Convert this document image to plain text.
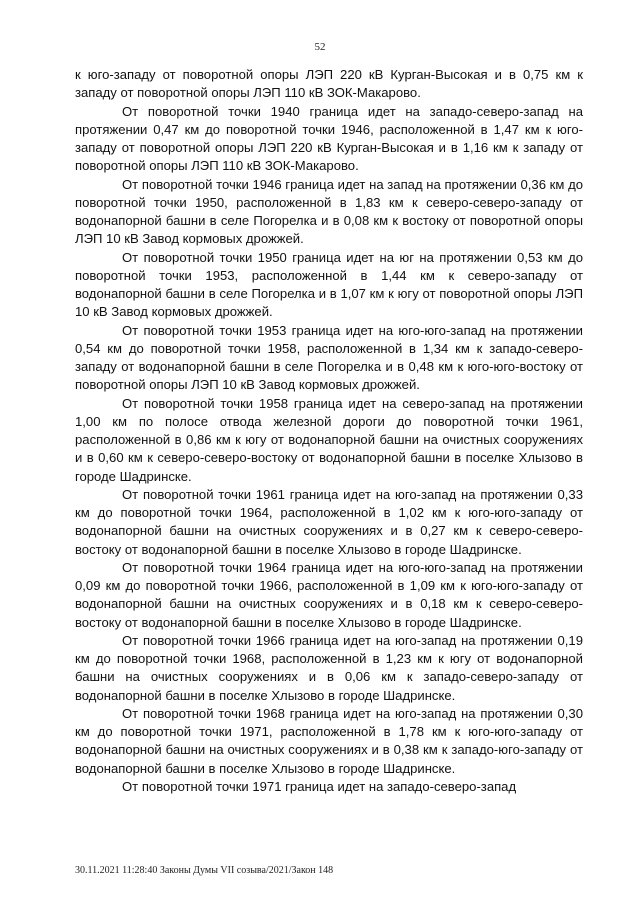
52

к юго-западу от поворотной опоры ЛЭП 220 кВ Курган-Высокая и в 0,75 км к западу от поворотной опоры ЛЭП 110 кВ ЗОК-Макарово.

От поворотной точки 1940 граница идет на западо-северо-запад на протяжении 0,47 км до поворотной точки 1946, расположенной в 1,47 км к юго-западу от поворотной опоры ЛЭП 220 кВ Курган-Высокая и в 1,16 км к западу от поворотной опоры ЛЭП 110 кВ ЗОК-Макарово.

От поворотной точки 1946 граница идет на запад на протяжении 0,36 км до поворотной точки 1950, расположенной в 1,83 км к северо-северо-западу от водонапорной башни в селе Погорелка и в 0,08 км к востоку от поворотной опоры ЛЭП 10 кВ Завод кормовых дрожжей.

От поворотной точки 1950 граница идет на юг на протяжении 0,53 км до поворотной точки 1953, расположенной в 1,44 км к северо-западу от водонапорной башни в селе Погорелка и в 1,07 км к югу от поворотной опоры ЛЭП 10 кВ Завод кормовых дрожжей.

От поворотной точки 1953 граница идет на юго-юго-запад на протяжении 0,54 км до поворотной точки 1958, расположенной в 1,34 км к западо-северо-западу от водонапорной башни в селе Погорелка и в 0,48 км к юго-юго-востоку от поворотной опоры ЛЭП 10 кВ Завод кормовых дрожжей.

От поворотной точки 1958 граница идет на северо-запад на протяжении 1,00 км по полосе отвода железной дороги до поворотной точки 1961, расположенной в 0,86 км к югу от водонапорной башни на очистных сооружениях и в 0,60 км к северо-северо-востоку от водонапорной башни в поселке Хлызово в городе Шадринске.

От поворотной точки 1961 граница идет на юго-запад на протяжении 0,33 км до поворотной точки 1964, расположенной в 1,02 км к юго-юго-западу от водонапорной башни на очистных сооружениях и в 0,27 км к северо-северо-востоку от водонапорной башни в поселке Хлызово в городе Шадринске.

От поворотной точки 1964 граница идет на юго-юго-запад на протяжении 0,09 км до поворотной точки 1966, расположенной в 1,09 км к юго-юго-западу от водонапорной башни на очистных сооружениях и в 0,18 км к северо-северо-востоку от водонапорной башни в поселке Хлызово в городе Шадринске.

От поворотной точки 1966 граница идет на юго-запад на протяжении 0,19 км до поворотной точки 1968, расположенной в 1,23 км к югу от водонапорной башни на очистных сооружениях и в 0,06 км к западо-северо-западу от водонапорной башни в поселке Хлызово в городе Шадринске.

От поворотной точки 1968 граница идет на юго-запад на протяжении 0,30 км до поворотной точки 1971, расположенной в 1,78 км к юго-юго-западу от водонапорной башни на очистных сооружениях и в 0,38 км к западо-юго-западу от водонапорной башни в поселке Хлызово в городе Шадринске.

От поворотной точки 1971 граница идет на западо-северо-запад

30.11.2021 11:28:40 Законы Думы VII созыва/2021/Закон 148
